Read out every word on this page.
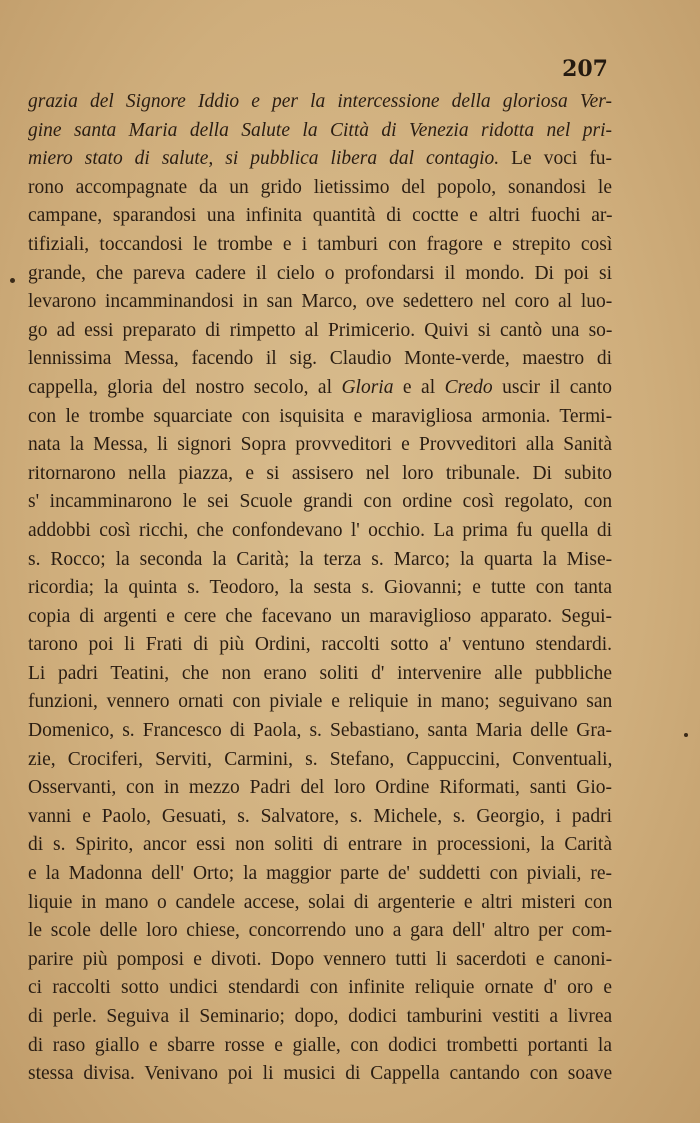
207

grazia del Signore Iddio e per la intercessione della gloriosa Ver-
gine santa Maria della Salute la Città di Venezia ridotta nel pri-
miero stato di salute, si pubblica libera dal contagio. Le voci fu-
rono accompagnate da un grido lietissimo del popolo, sonandosi le
campane, sparandosi una infinita quantità di coctte e altri fuochi ar-
tifiziali, toccandosi le trombe e i tamburi con fragore e strepito così
grande, che pareva cadere il cielo o profondarsi il mondo. Di poi si
levarono incamminandosi in san Marco, ove sedettero nel coro al luo-
go ad essi preparato di rimpetto al Primicerio. Quivi si cantò una so-
lennissima Messa, facendo il sig. Claudio Monte-verde, maestro di
cappella, gloria del nostro secolo, al Gloria e al Credo uscir il canto
con le trombe squarciate con isquisita e maravigliosa armonia. Termi-
nata la Messa, li signori Sopra provveditori e Provveditori alla Sanità
ritornarono nella piazza, e si assisero nel loro tribunale. Di subito
s' incamminarono le sei Scuole grandi con ordine così regolato, con
addobbi così ricchi, che confondevano l' occhio. La prima fu quella di
s. Rocco; la seconda la Carità; la terza s. Marco; la quarta la Mise-
ricordia; la quinta s. Teodoro, la sesta s. Giovanni; e tutte con tanta
copia di argenti e cere che facevano un maraviglioso apparato. Segui-
tarono poi li Frati di più Ordini, raccolti sotto a' ventuno stendardi.
Li padri Teatini, che non erano soliti d' intervenire alle pubbliche
funzioni, vennero ornati con piviale e reliquie in mano; seguivano san
Domenico, s. Francesco di Paola, s. Sebastiano, santa Maria delle Gra-
zie, Crociferi, Serviti, Carmini, s. Stefano, Cappuccini, Conventuali,
Osservanti, con in mezzo Padri del loro Ordine Riformati, santi Gio-
vanni e Paolo, Gesuati, s. Salvatore, s. Michele, s. Georgio, i padri
di s. Spirito, ancor essi non soliti di entrare in processioni, la Carità
e la Madonna dell' Orto; la maggior parte de' suddetti con piviali, re-
liquie in mano o candele accese, solai di argenterie e altri misteri con
le scole delle loro chiese, concorrendo uno a gara dell' altro per com-
parire più pomposi e divoti. Dopo vennero tutti li sacerdoti e canoni-
ci raccolti sotto undici stendardi con infinite reliquie ornate d' oro e
di perle. Seguiva il Seminario; dopo, dodici tamburini vestiti a livrea
di raso giallo e sbarre rosse e gialle, con dodici trombetti portanti la
stessa divisa. Venivano poi li musici di Cappella cantando con soave
